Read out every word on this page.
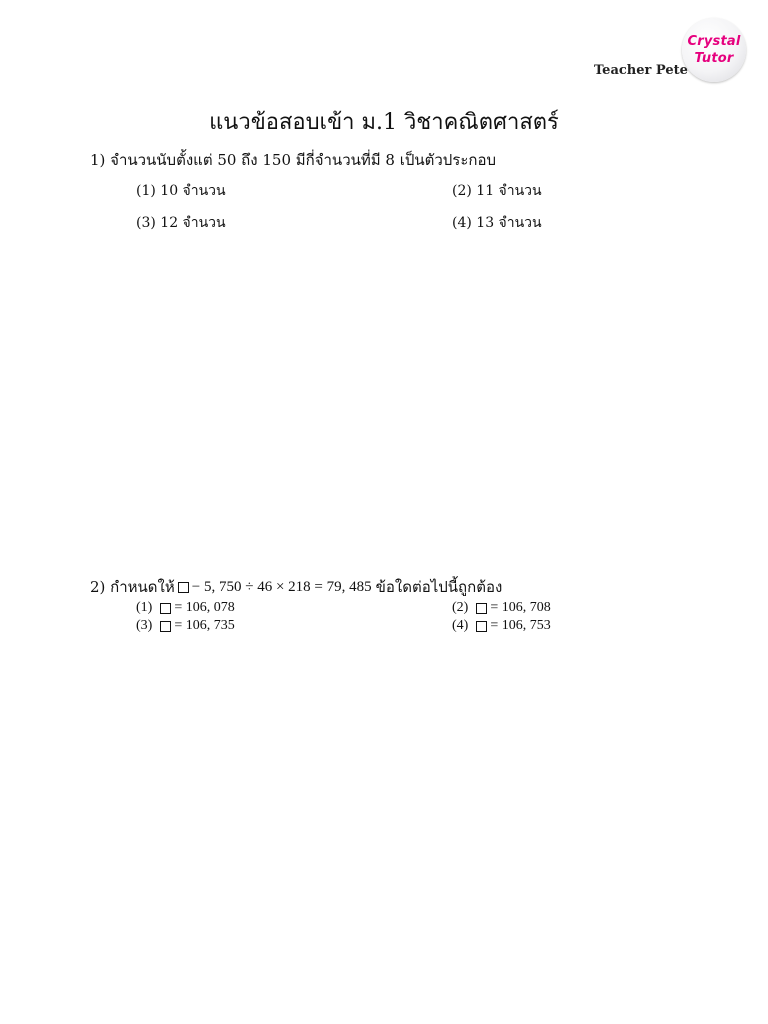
Teacher Pete
Crystal
Tutor
แนวข้อสอบเข้า ม.1 วิชาคณิตศาสตร์
1) จำนวนนับตั้งแต่ 50 ถึง 150 มีกี่จำนวนที่มี 8 เป็นตัวประกอบ
(1) 10 จำนวน	(2) 11 จำนวน
(3) 12 จำนวน	(4) 13 จำนวน
2) กำหนดให้ − 5, 750 ÷ 46 × 218 = 79, 485 ข้อใดต่อไปนี้ถูกต้อง
(1) = 106, 078	(2) = 106, 708
(3) = 106, 735	(4) = 106, 753
